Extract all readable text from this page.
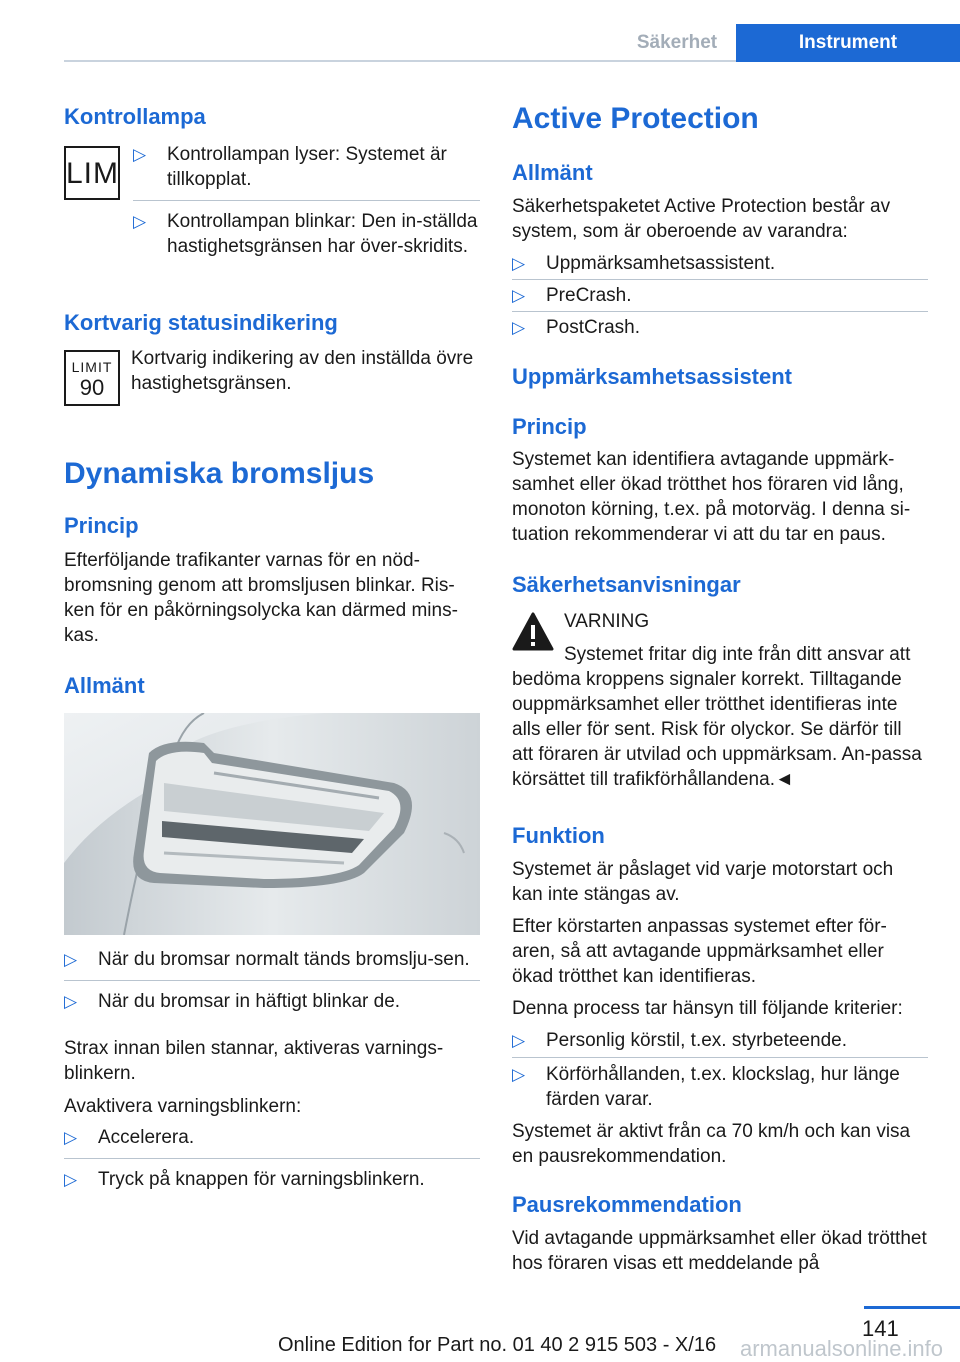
Säkerhet	Instrument
Kontrollampa
LIM
▷ Kontrollampan lyser: Systemet är tillkopplat.
▷ Kontrollampan blinkar: Den in-ställda hastighetsgränsen har över-skridits.
Kortvarig statusindikering
LIMIT
90
Kortvarig indikering av den inställda övre hastighetsgränsen.
Dynamiska bromsljus
Princip
Efterföljande trafikanter varnas för en nöd-bromsning genom att bromsljusen blinkar. Ris-ken för en påkörningsolycka kan därmed mins-kas.
Allmänt
▷ När du bromsar normalt tänds bromslju-sen.
▷ När du bromsar in häftigt blinkar de.
Strax innan bilen stannar, aktiveras varnings-blinkern.
Avaktivera varningsblinkern:
▷ Accelerera.
▷ Tryck på knappen för varningsblinkern.
Active Protection
Allmänt
Säkerhetspaketet Active Protection består av system, som är oberoende av varandra:
▷ Uppmärksamhetsassistent.
▷ PreCrash.
▷ PostCrash.
Uppmärksamhetsassistent
Princip
Systemet kan identifiera avtagande uppmärk-samhet eller ökad trötthet hos föraren vid lång, monoton körning, t.ex. på motorväg. I denna si-tuation rekommenderar vi att du tar en paus.
Säkerhetsanvisningar
VARNING
Systemet fritar dig inte från ditt ansvar att
bedöma kroppens signaler korrekt. Tilltagande ouppmärksamhet eller trötthet identifieras inte alls eller för sent. Risk för olyckor. Se därför till att föraren är utvilad och uppmärksam. An-passa körsättet till trafikförhållandena.◄
Funktion
Systemet är påslaget vid varje motorstart och kan inte stängas av.
Efter körstarten anpassas systemet efter för-aren, så att avtagande uppmärksamhet eller ökad trötthet kan identifieras.
Denna process tar hänsyn till följande kriterier:
▷ Personlig körstil, t.ex. styrbeteende.
▷ Körförhållanden, t.ex. klockslag, hur länge färden varar.
Systemet är aktivt från ca 70 km/h och kan visa en pausrekommendation.
Pausrekommendation
Vid avtagande uppmärksamhet eller ökad trötthet hos föraren visas ett meddelande på
141
Online Edition for Part no. 01 40 2 915 503 - X/16 armanualsonline.info
